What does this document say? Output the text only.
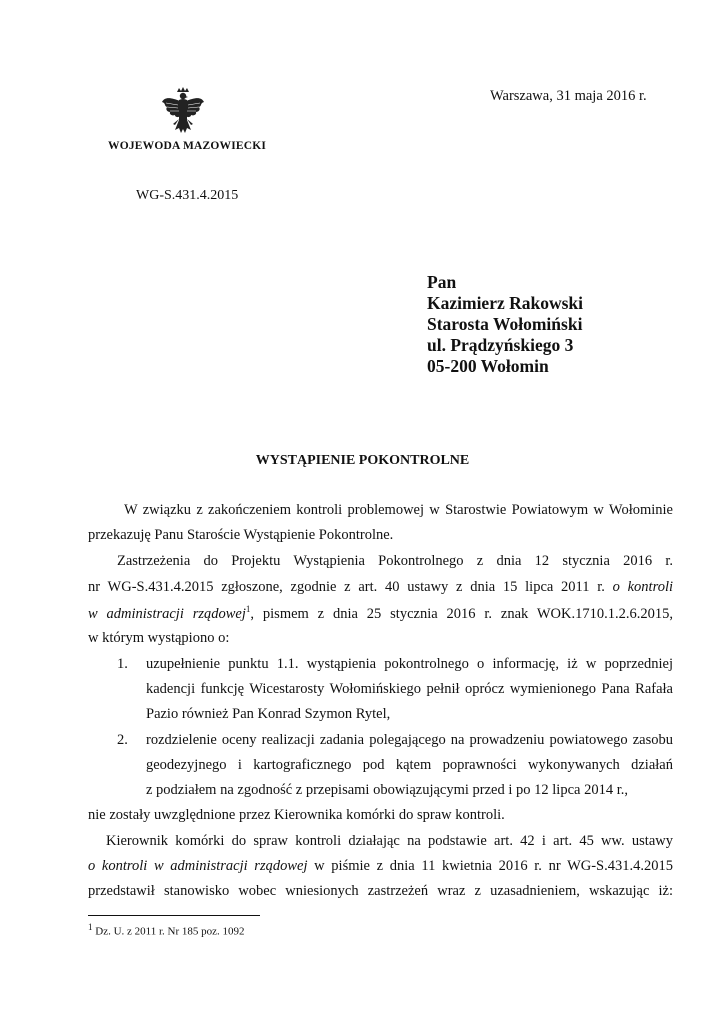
Warszawa, 31 maja 2016 r.
WOJEWODA MAZOWIECKI
WG-S.431.4.2015
Pan
Kazimierz Rakowski
Starosta Wołomiński
ul. Prądzyńskiego 3
05-200 Wołomin
WYSTĄPIENIE POKONTROLNE
W związku z zakończeniem kontroli problemowej w Starostwie Powiatowym w Wołominie
przekazuję Panu Staroście Wystąpienie Pokontrolne.
Zastrzeżenia do Projektu Wystąpienia Pokontrolnego z dnia 12 stycznia 2016 r.
nr WG-S.431.4.2015 zgłoszone, zgodnie z art. 40 ustawy z dnia 15 lipca 2011 r. o kontroli
w administracji rządowej$^1$, pismem z dnia 25 stycznia 2016 r. znak WOK.1710.1.2.6.2015,
w którym wystąpiono o:
1. uzupełnienie punktu 1.1. wystąpienia pokontrolnego o informację, iż w poprzedniej
kadencji funkcję Wicestarosty Wołomińskiego pełnił oprócz wymienionego Pana Rafała
Pazio również Pan Konrad Szymon Rytel,
2. rozdzielenie oceny realizacji zadania polegającego na prowadzeniu powiatowego zasobu
geodezyjnego i kartograficznego pod kątem poprawności wykonywanych działań
z podziałem na zgodność z przepisami obowiązującymi przed i po 12 lipca 2014 r.,
nie zostały uwzględnione przez Kierownika komórki do spraw kontroli.
Kierownik komórki do spraw kontroli działając na podstawie art. 42 i art. 45 ww. ustawy
o kontroli w administracji rządowej w piśmie z dnia 11 kwietnia 2016 r. nr WG-S.431.4.2015
przedstawił stanowisko wobec wniesionych zastrzeżeń wraz z uzasadnieniem, wskazując iż:
$^1$ Dz. U. z 2011 r. Nr 185 poz. 1092
